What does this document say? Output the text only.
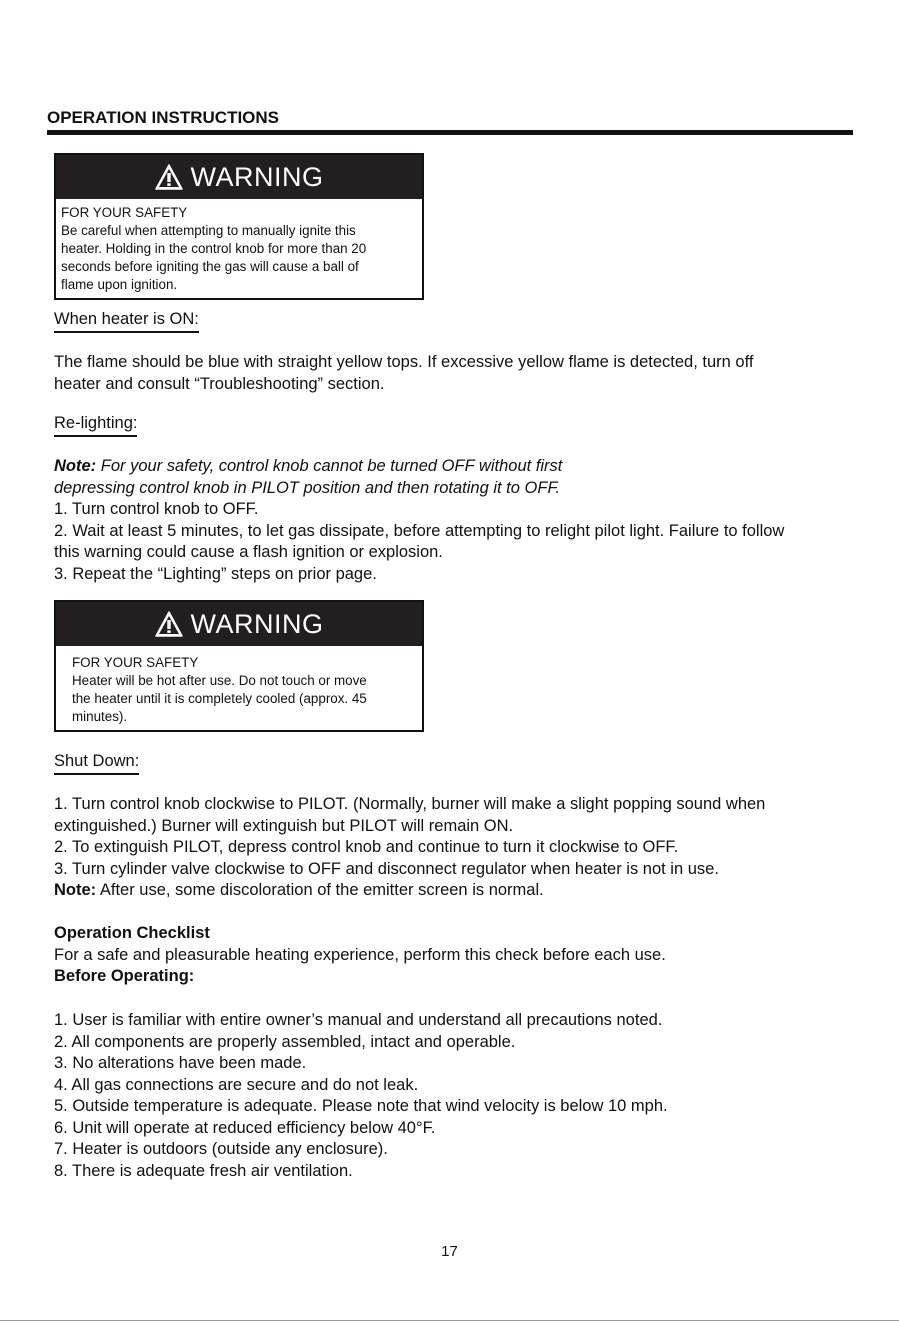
OPERATION INSTRUCTIONS
WARNING
FOR YOUR SAFETY
Be careful when attempting to manually ignite this
heater. Holding in the control knob for more than 20
seconds before igniting the gas will cause a ball of
flame upon ignition.
When heater is ON:

The flame should be blue with straight yellow tops. If excessive yellow flame is detected, turn off

heater and consult “Troubleshooting” section.

Re-lighting:

Note: For your safety, control knob cannot be turned OFF without first

depressing control knob in PILOT position and then rotating it to OFF.

1. Turn control knob to OFF.

2. Wait at least 5 minutes, to let gas dissipate, before attempting to relight pilot light. Failure to follow

this warning could cause a flash ignition or explosion.

3. Repeat the “Lighting” steps on prior page.

WARNING
FOR YOUR SAFETY
Heater will be hot after use. Do not touch or move
the heater until it is completely cooled (approx. 45
minutes).
Shut Down:

1. Turn control knob clockwise to PILOT. (Normally, burner will make a slight popping sound when

extinguished.) Burner will extinguish but PILOT will remain ON.

2. To extinguish PILOT, depress control knob and continue to turn it clockwise to OFF.

3. Turn cylinder valve clockwise to OFF and disconnect regulator when heater is not in use.

Note: After use, some discoloration of the emitter screen is normal.

Operation Checklist

For a safe and pleasurable heating experience, perform this check before each use.

Before Operating:

1. User is familiar with entire owner’s manual and understand all precautions noted.

2. All components are properly assembled, intact and operable.

3. No alterations have been made.

4. All gas connections are secure and do not leak.

5. Outside temperature is adequate. Please note that wind velocity is below 10 mph.

6. Unit will operate at reduced efficiency below 40°F.

7. Heater is outdoors (outside any enclosure).

8. There is adequate fresh air ventilation.

17
